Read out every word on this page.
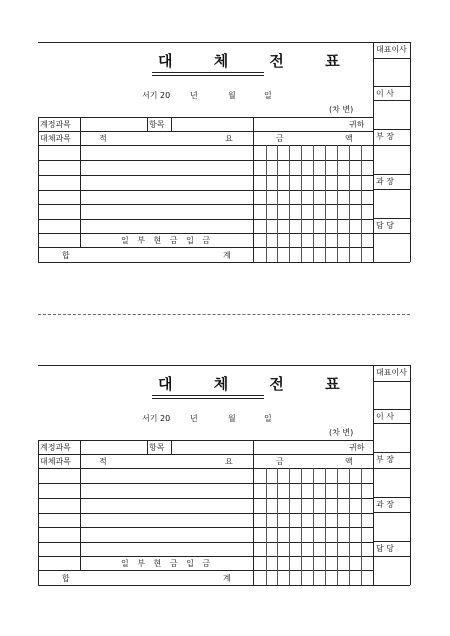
대 체 전 표
서기 20 년	월	일
(차 변)
계정과목	항목	귀하
대체과목	적	요	금	액
일 부 현 금 입 금
합	계
대표이사
이 사
부 장
과 장
담 당
대 체 전 표
서기 20 년	월	일
(차 변)
계정과목	항목	귀하
대체과목	적	요	금	액
일 부 현 금 입 금
합	계
대표이사
이 사
부 장
과 장
담 당
